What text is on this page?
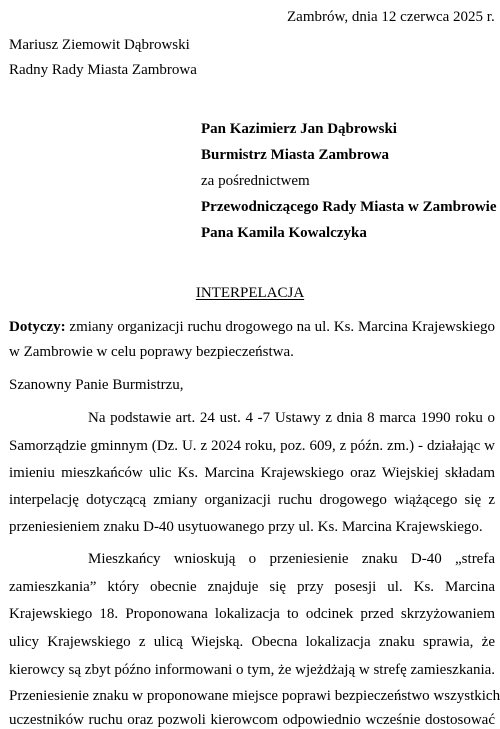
Zambrów, dnia 12 czerwca 2025 r.
Mariusz Ziemowit Dąbrowski
Radny Rady Miasta Zambrowa
Pan Kazimierz Jan Dąbrowski
Burmistrz Miasta Zambrowa
za pośrednictwem
Przewodniczącego Rady Miasta w Zambrowie
Pana Kamila Kowalczyka
INTERPELACJA
Dotyczy: zmiany organizacji ruchu drogowego na ul. Ks. Marcina Krajewskiego
w Zambrowie w celu poprawy bezpieczeństwa.
Szanowny Panie Burmistrzu,
Na podstawie art. 24 ust. 4 -7 Ustawy z dnia 8 marca 1990 roku o
Samorządzie gminnym (Dz. U. z 2024 roku, poz. 609, z późn. zm.) - działając w
imieniu mieszkańców ulic Ks. Marcina Krajewskiego oraz Wiejskiej składam
interpelację dotyczącą zmiany organizacji ruchu drogowego wiążącego się z
przeniesieniem znaku D-40 usytuowanego przy ul. Ks. Marcina Krajewskiego.
Mieszkańcy wnioskują o przeniesienie znaku D-40 „strefa
zamieszkania” który obecnie znajduje się przy posesji ul. Ks. Marcina
Krajewskiego 18. Proponowana lokalizacja to odcinek przed skrzyżowaniem
ulicy Krajewskiego z ulicą Wiejską. Obecna lokalizacja znaku sprawia, że
kierowcy są zbyt późno informowani o tym, że wjeżdżają w strefę zamieszkania.
Przeniesienie znaku w proponowane miejsce poprawi bezpieczeństwo wszystkich
uczestników ruchu oraz pozwoli kierowcom odpowiednio wcześnie dostosować
